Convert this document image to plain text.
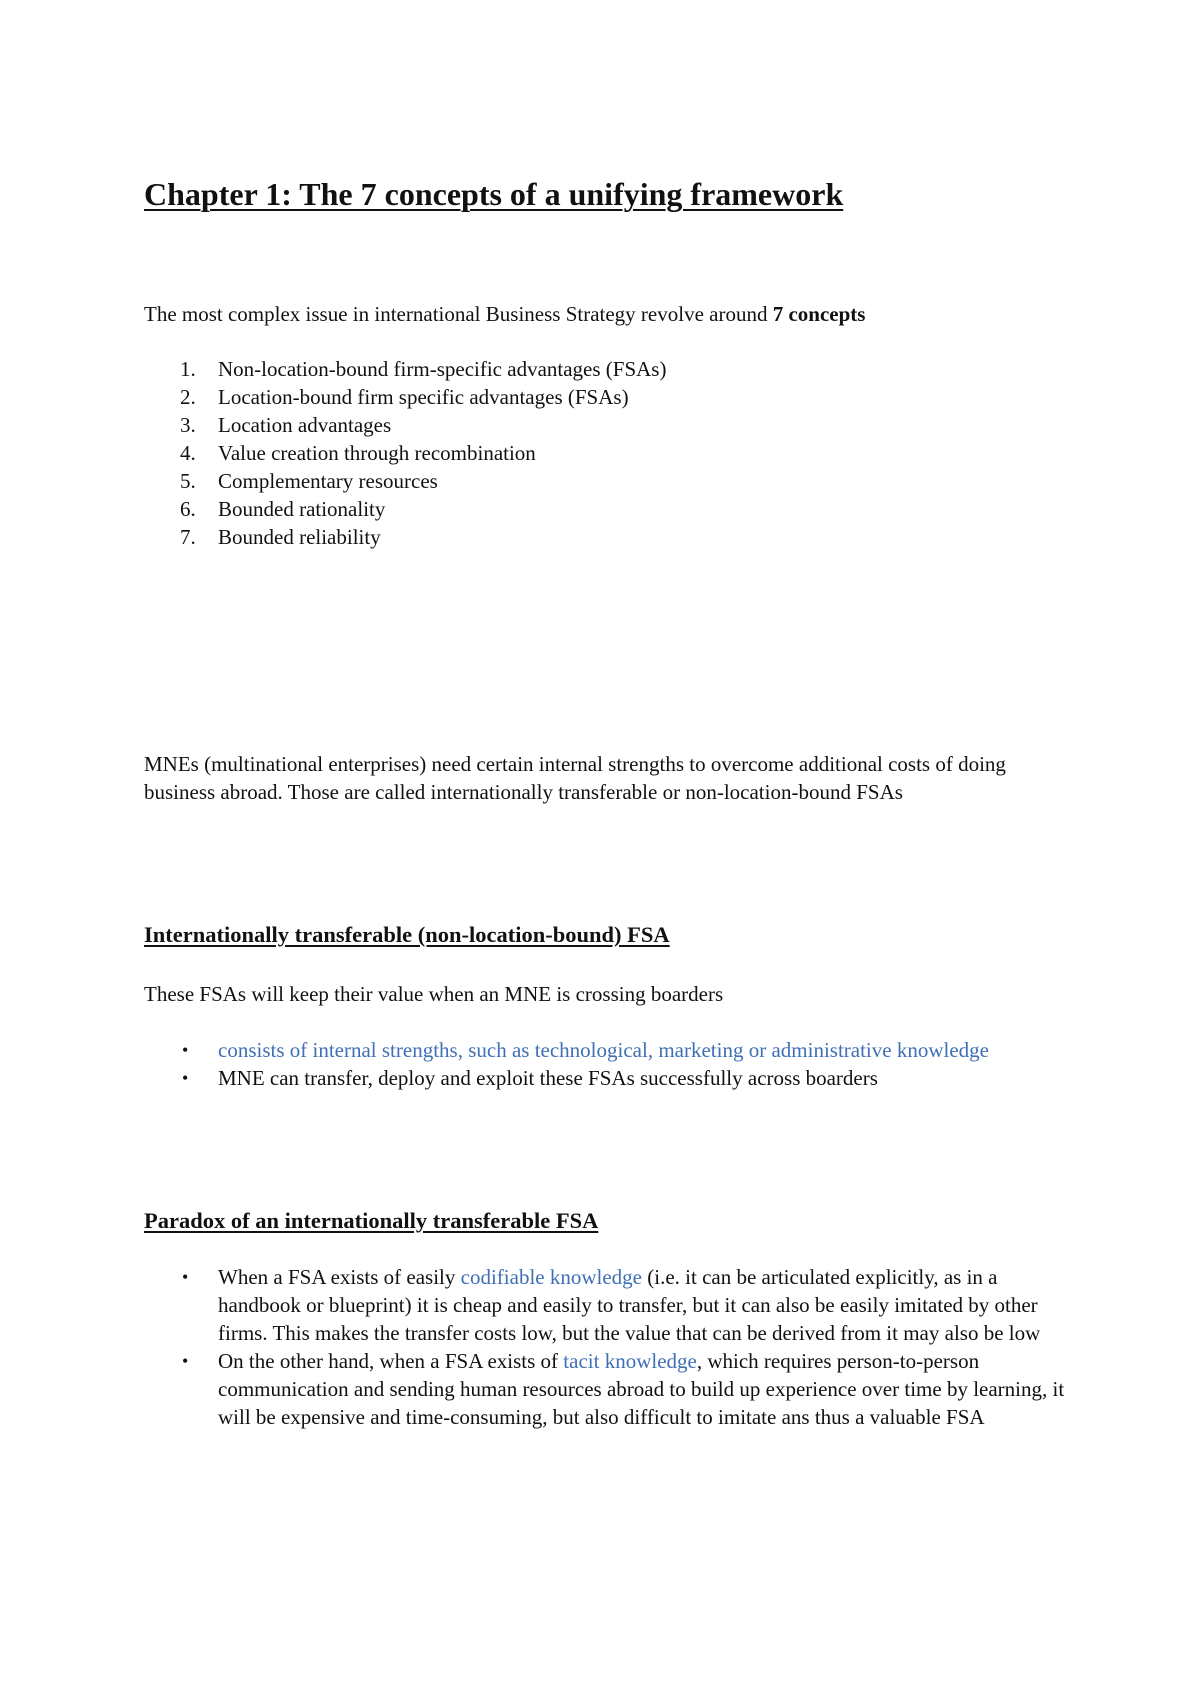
Chapter 1: The 7 concepts of a unifying framework

The most complex issue in international Business Strategy revolve around 7 concepts

1. Non-location-bound firm-specific advantages (FSAs)
2. Location-bound firm specific advantages (FSAs)
3. Location advantages
4. Value creation through recombination
5. Complementary resources
6. Bounded rationality
7. Bounded reliability

MNEs (multinational enterprises) need certain internal strengths to overcome additional costs of doing business abroad. Those are called internationally transferable or non-location-bound FSAs

Internationally transferable (non-location-bound) FSA

These FSAs will keep their value when an MNE is crossing boarders

• consists of internal strengths, such as technological, marketing or administrative knowledge
• MNE can transfer, deploy and exploit these FSAs successfully across boarders
Paradox of an internationally transferable FSA
• When a FSA exists of easily codifiable knowledge (i.e. it can be articulated explicitly, as in a handbook or blueprint) it is cheap and easily to transfer, but it can also be easily imitated by other firms. This makes the transfer costs low, but the value that can be derived from it may also be low
• On the other hand, when a FSA exists of tacit knowledge, which requires person-to-person communication and sending human resources abroad to build up experience over time by learning, it will be expensive and time-consuming, but also difficult to imitate ans thus a valuable FSA
